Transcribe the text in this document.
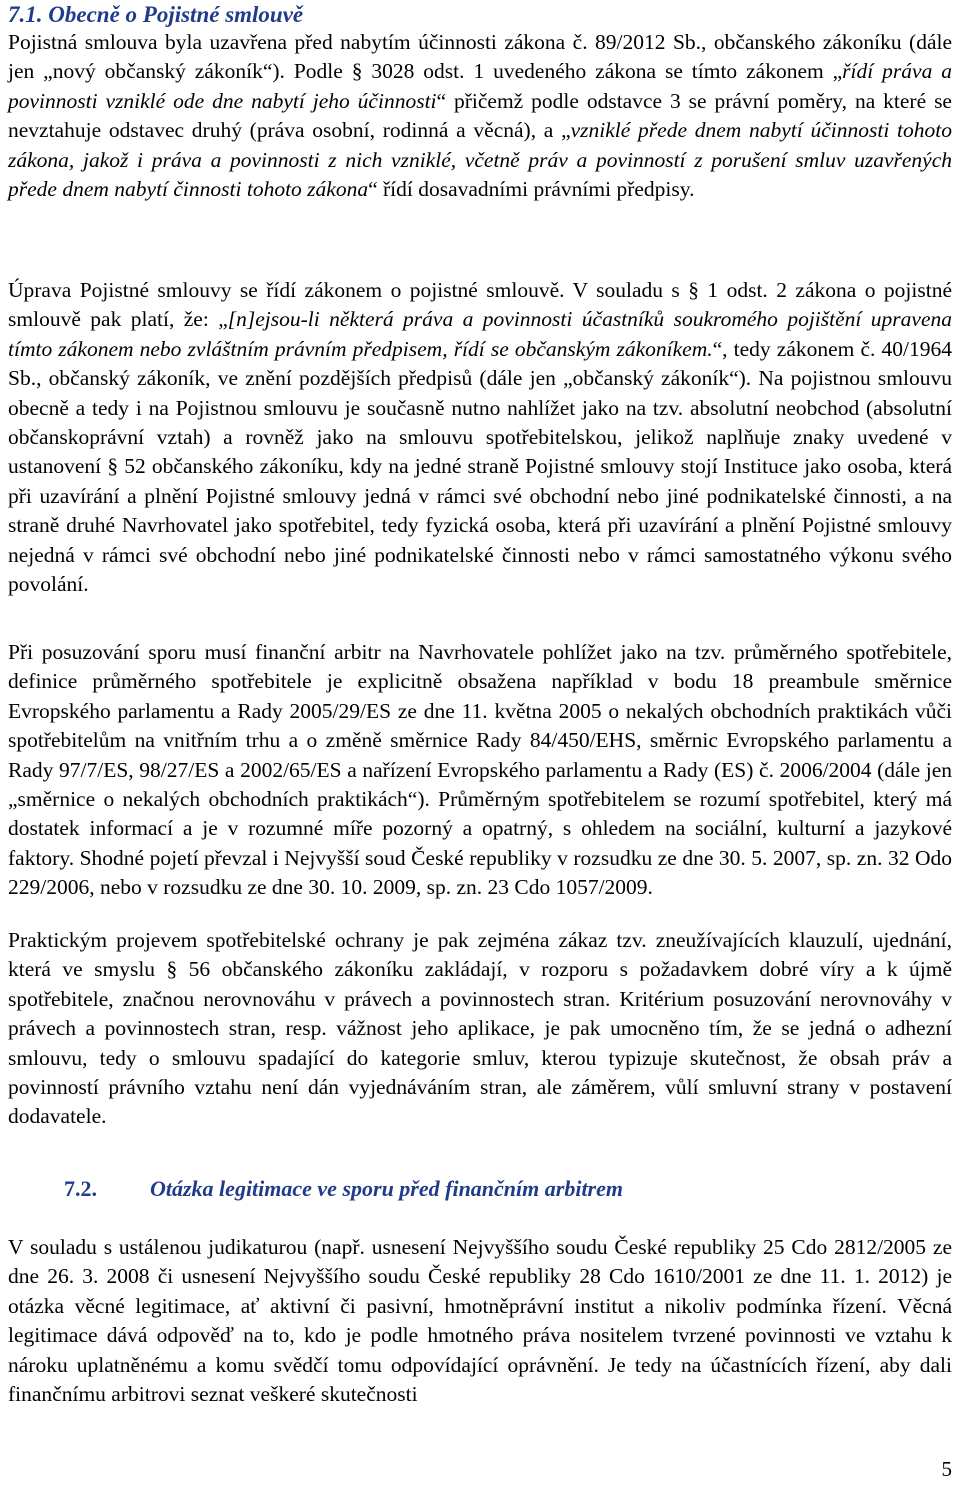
7.1. Obecně o Pojistné smlouvě

Pojistná smlouva byla uzavřena před nabytím účinnosti zákona č. 89/2012 Sb., občanského zákoníku (dále jen „nový občanský zákoník“). Podle § 3028 odst. 1 uvedeného zákona se tímto zákonem „řídí práva a povinnosti vzniklé ode dne nabytí jeho účinnosti“ přičemž podle odstavce 3 se právní poměry, na které se nevztahuje odstavec druhý (práva osobní, rodinná a věcná), a „vzniklé přede dnem nabytí účinnosti tohoto zákona, jakož i práva a povinnosti z nich vzniklé, včetně práv a povinností z porušení smluv uzavřených přede dnem nabytí činnosti tohoto zákona“ řídí dosavadními právními předpisy.

Úprava Pojistné smlouvy se řídí zákonem o pojistné smlouvě. V souladu s § 1 odst. 2 zákona o pojistné smlouvě pak platí, že: „[n]ejsou-li některá práva a povinnosti účastníků soukromého pojištění upravena tímto zákonem nebo zvláštním právním předpisem, řídí se občanským zákoníkem.“, tedy zákonem č. 40/1964 Sb., občanský zákoník, ve znění pozdějších předpisů (dále jen „občanský zákoník“). Na pojistnou smlouvu obecně a tedy i na Pojistnou smlouvu je současně nutno nahlížet jako na tzv. absolutní neobchod (absolutní občanskoprávní vztah) a rovněž jako na smlouvu spotřebitelskou, jelikož naplňuje znaky uvedené v ustanovení § 52 občanského zákoníku, kdy na jedné straně Pojistné smlouvy stojí Instituce jako osoba, která při uzavírání a plnění Pojistné smlouvy jedná v rámci své obchodní nebo jiné podnikatelské činnosti, a na straně druhé Navrhovatel jako spotřebitel, tedy fyzická osoba, která při uzavírání a plnění Pojistné smlouvy nejedná v rámci své obchodní nebo jiné podnikatelské činnosti nebo v rámci samostatného výkonu svého povolání.

Při posuzování sporu musí finanční arbitr na Navrhovatele pohlížet jako na tzv. průměrného spotřebitele, definice průměrného spotřebitele je explicitně obsažena například v bodu 18 preambule směrnice Evropského parlamentu a Rady 2005/29/ES ze dne 11. května 2005 o nekalých obchodních praktikách vůči spotřebitelům na vnitřním trhu a o změně směrnice Rady 84/450/EHS, směrnic Evropského parlamentu a Rady 97/7/ES, 98/27/ES a 2002/65/ES a nařízení Evropského parlamentu a Rady (ES) č. 2006/2004 (dále jen „směrnice o nekalých obchodních praktikách“). Průměrným spotřebitelem se rozumí spotřebitel, který má dostatek informací a je v rozumné míře pozorný a opatrný, s ohledem na sociální, kulturní a jazykové faktory. Shodné pojetí převzal i Nejvyšší soud České republiky v rozsudku ze dne 30. 5. 2007, sp. zn. 32 Odo 229/2006, nebo v rozsudku ze dne 30. 10. 2009, sp. zn. 23 Cdo 1057/2009.

Praktickým projevem spotřebitelské ochrany je pak zejména zákaz tzv. zneužívajících klauzulí, ujednání, která ve smyslu § 56 občanského zákoníku zakládají, v rozporu s požadavkem dobré víry a k újmě spotřebitele, značnou nerovnováhu v právech a povinnostech stran. Kritérium posuzování nerovnováhy v právech a povinnostech stran, resp. vážnost jeho aplikace, je pak umocněno tím, že se jedná o adhezní smlouvu, tedy o smlouvu spadající do kategorie smluv, kterou typizuje skutečnost, že obsah práv a povinností právního vztahu není dán vyjednáváním stran, ale záměrem, vůlí smluvní strany v postavení dodavatele.

7.2. Otázka legitimace ve sporu před finančním arbitrem

V souladu s ustálenou judikaturou (např. usnesení Nejvyššího soudu České republiky 25 Cdo 2812/2005 ze dne 26. 3. 2008 či usnesení Nejvyššího soudu České republiky 28 Cdo 1610/2001 ze dne 11. 1. 2012) je otázka věcné legitimace, ať aktivní či pasivní, hmotněprávní institut a nikoliv podmínka řízení. Věcná legitimace dává odpověď na to, kdo je podle hmotného práva nositelem tvrzené povinnosti ve vztahu k nároku uplatněnému a komu svědčí tomu odpovídající oprávnění. Je tedy na účastnících řízení, aby dali finančnímu arbitrovi seznat veškeré skutečnosti

5
